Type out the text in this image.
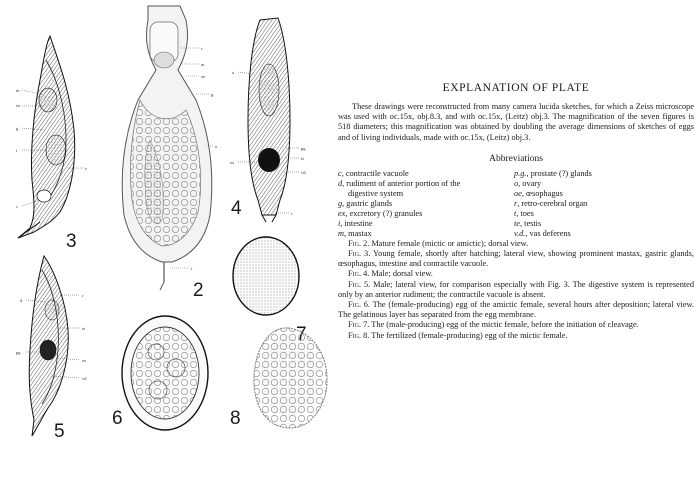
m
oe
g
i
c
e
3
d
pg
r
te
ex
vd
5
r
m
oe
g
o
t
2
a
pg
te
ex
vd
t
4
6	8
EXPLANATION OF PLATE

These drawings were reconstructed from many camera lucida sketches, for which a Zeiss microscope was used with oc.15x, obj.8.3, and with oc.15x, (Leitz) obj.3. The magnification of the seven figures is 518 diameters; this magnification was obtained by doubling the average dimensions of sketches of eggs and of living individuals, made with oc.15x, (Leitz) obj.3.

Abbreviations
c, contractile vacuole
d, rudiment of anterior portion of the
digestive system
g, gastric glands
ex, excretory (?) granules
i, intestine
m, mastax
p.g., prostate (?) glands
o, ovary
oe, œsophagus
r, retro-cerebral organ
t, toes
te, testis
v.d., vas deferens

Fig. 2. Mature female (mictic or amictic); dorsal view.

Fig. 3. Young female, shortly after hatching; lateral view, showing prominent mastax, gastric glands, œsophagus, intestine and contractile vacuole.

Fig. 4. Male; dorsal view.

Fig. 5. Male; lateral view, for comparison especially with Fig. 3. The digestive system is represented only by an anterior rudiment; the contractile vacuole is absent.

Fig. 6. The (female-producing) egg of the amictic female, several hours after deposition; lateral view. The gelatinous layer has separated from the egg membrane.

Fig. 7. The (male-producing) egg of the mictic female, before the initiation of cleavage.

Fig. 8. The fertilized (female-producing) egg of the mictic female.
